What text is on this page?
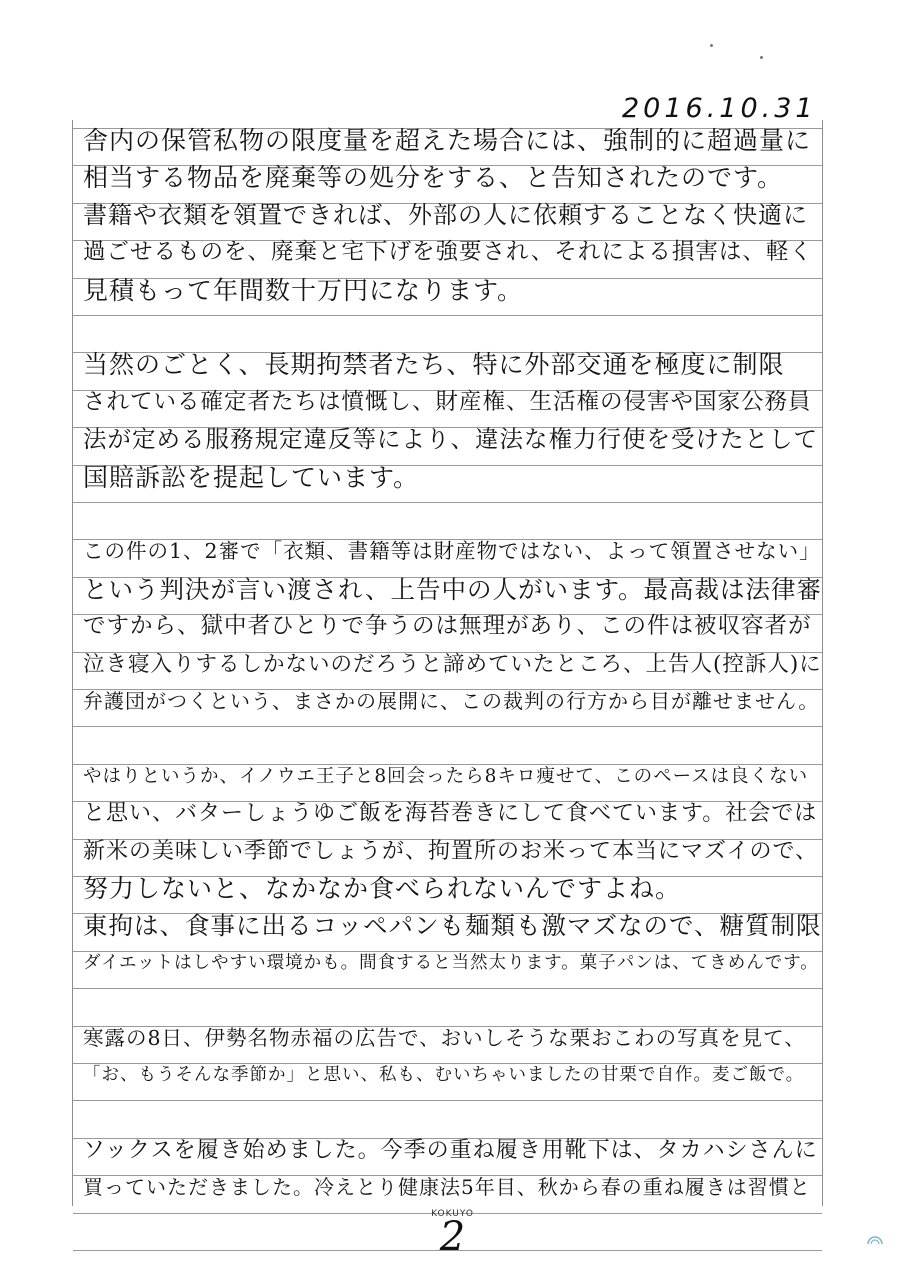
2016.10.31
舎内の保管私物の限度量を超えた場合には、強制的に超過量に
相当する物品を廃棄等の処分をする、と告知されたのです。
書籍や衣類を領置できれば、外部の人に依頼することなく快適に
過ごせるものを、廃棄と宅下げを強要され、それによる損害は、軽く
見積もって年間数十万円になります。
当然のごとく、長期拘禁者たち、特に外部交通を極度に制限
されている確定者たちは憤慨し、財産権、生活権の侵害や国家公務員
法が定める服務規定違反等により、違法な権力行使を受けたとして
国賠訴訟を提起しています。
この件の1、2審で「衣類、書籍等は財産物ではない、よって領置させない」
という判決が言い渡され、上告中の人がいます。最高裁は法律審
ですから、獄中者ひとりで争うのは無理があり、この件は被収容者が
泣き寝入りするしかないのだろうと諦めていたところ、上告人(控訴人)に
弁護団がつくという、まさかの展開に、この裁判の行方から目が離せません。
やはりというか、イノウエ王子と8回会ったら8キロ痩せて、このペースは良くない
と思い、バターしょうゆご飯を海苔巻きにして食べています。社会では
新米の美味しい季節でしょうが、拘置所のお米って本当にマズイので、
努力しないと、なかなか食べられないんですよね。
東拘は、食事に出るコッペパンも麺類も激マズなので、糖質制限
ダイエットはしやすい環境かも。間食すると当然太ります。菓子パンは、てきめんです。
寒露の8日、伊勢名物赤福の広告で、おいしそうな栗おこわの写真を見て、
「お、もうそんな季節か」と思い、私も、むいちゃいましたの甘栗で自作。麦ご飯で。
ソックスを履き始めました。今季の重ね履き用靴下は、タカハシさんに
買っていただきました。冷えとり健康法5年目、秋から春の重ね履きは習慣と
KOKUYO
2
